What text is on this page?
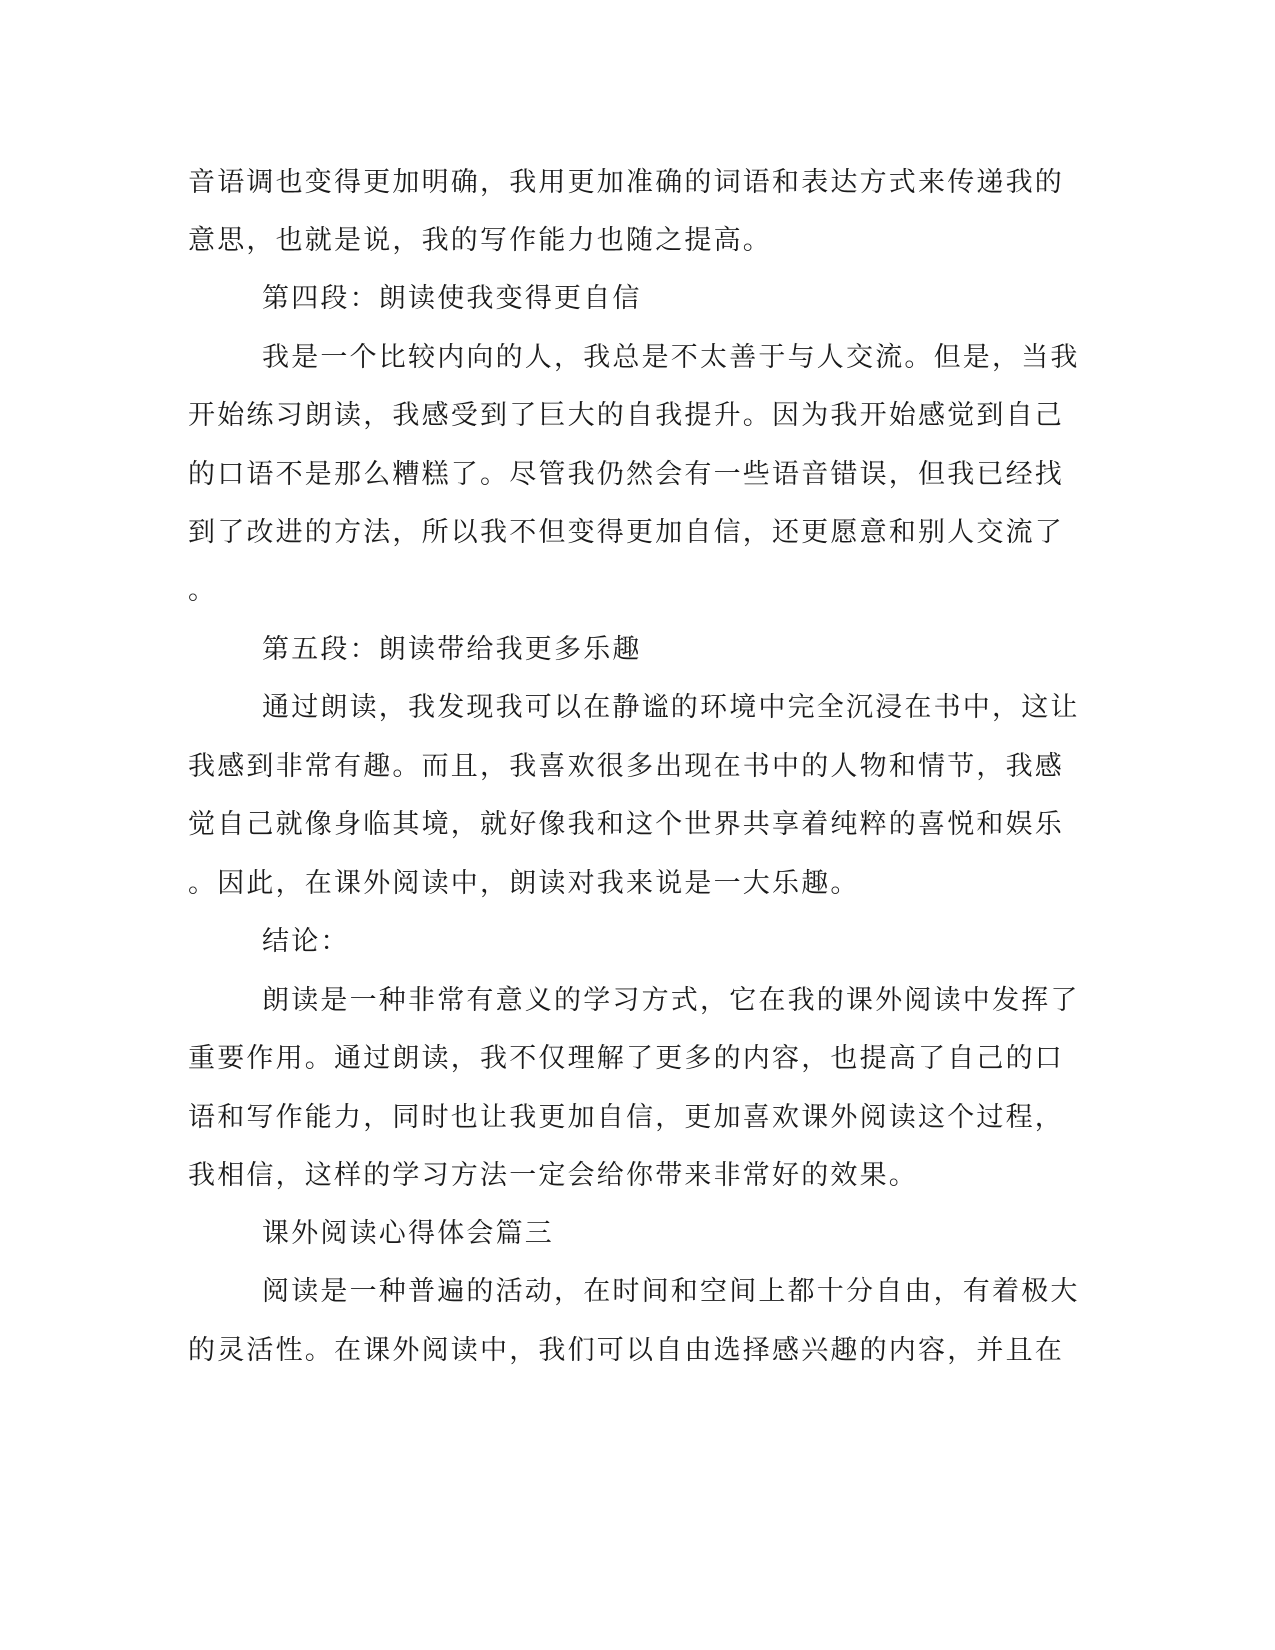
音语调也变得更加明确，我用更加准确的词语和表达方式来传递我的
意思，也就是说，我的写作能力也随之提高。
第四段：朗读使我变得更自信
我是一个比较内向的人，我总是不太善于与人交流。但是，当我
开始练习朗读，我感受到了巨大的自我提升。因为我开始感觉到自己
的口语不是那么糟糕了。尽管我仍然会有一些语音错误，但我已经找
到了改进的方法，所以我不但变得更加自信，还更愿意和别人交流了
。
第五段：朗读带给我更多乐趣
通过朗读，我发现我可以在静谧的环境中完全沉浸在书中，这让
我感到非常有趣。而且，我喜欢很多出现在书中的人物和情节，我感
觉自己就像身临其境，就好像我和这个世界共享着纯粹的喜悦和娱乐
。因此，在课外阅读中，朗读对我来说是一大乐趣。
结论：
朗读是一种非常有意义的学习方式，它在我的课外阅读中发挥了
重要作用。通过朗读，我不仅理解了更多的内容，也提高了自己的口
语和写作能力，同时也让我更加自信，更加喜欢课外阅读这个过程，
我相信，这样的学习方法一定会给你带来非常好的效果。
课外阅读心得体会篇三
阅读是一种普遍的活动，在时间和空间上都十分自由，有着极大
的灵活性。在课外阅读中，我们可以自由选择感兴趣的内容，并且在
